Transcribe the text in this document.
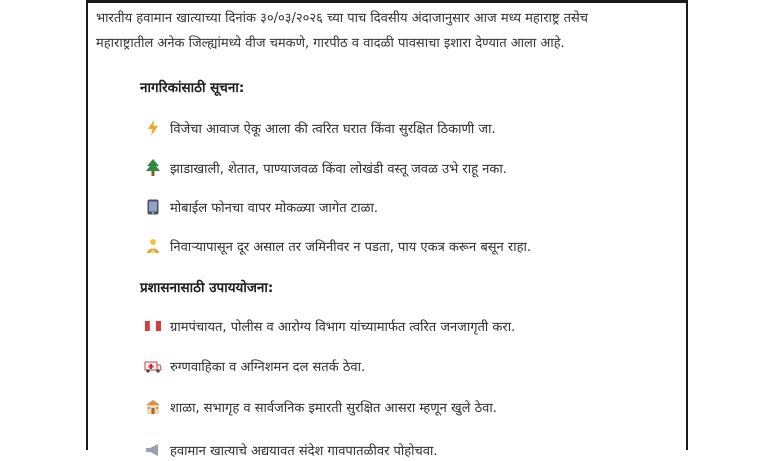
भारतीय हवामान खात्याच्या दिनांक ३०/०३/२०२६ च्या पाच दिवसीय अंदाजानुसार आज मध्य महाराष्ट्र तसेच
महाराष्ट्रातील अनेक जिल्ह्यांमध्ये वीज चमकणे, गारपीठ व वादळी पावसाचा इशारा देण्यात आला आहे.
नागरिकांसाठी सूचना:
विजेचा आवाज ऐकू आला की त्वरित घरात किंवा सुरक्षित ठिकाणी जा.
झाडाखाली, शेतात, पाण्याजवळ किंवा लोखंडी वस्तू जवळ उभे राहू नका.
मोबाईल फोनचा वापर मोकळ्या जागेत टाळा.
निवाऱ्यापासून दूर असाल तर जमिनीवर न पडता, पाय एकत्र करून बसून राहा.
प्रशासनासाठी उपाययोजना:
ग्रामपंचायत, पोलीस व आरोग्य विभाग यांच्यामार्फत त्वरित जनजागृती करा.
रुग्णवाहिका व अग्निशमन दल सतर्क ठेवा.
शाळा, सभागृह व सार्वजनिक इमारती सुरक्षित आसरा म्हणून खुले ठेवा.
हवामान खात्याचे अद्ययावत संदेश गावपातळीवर पोहोचवा.
